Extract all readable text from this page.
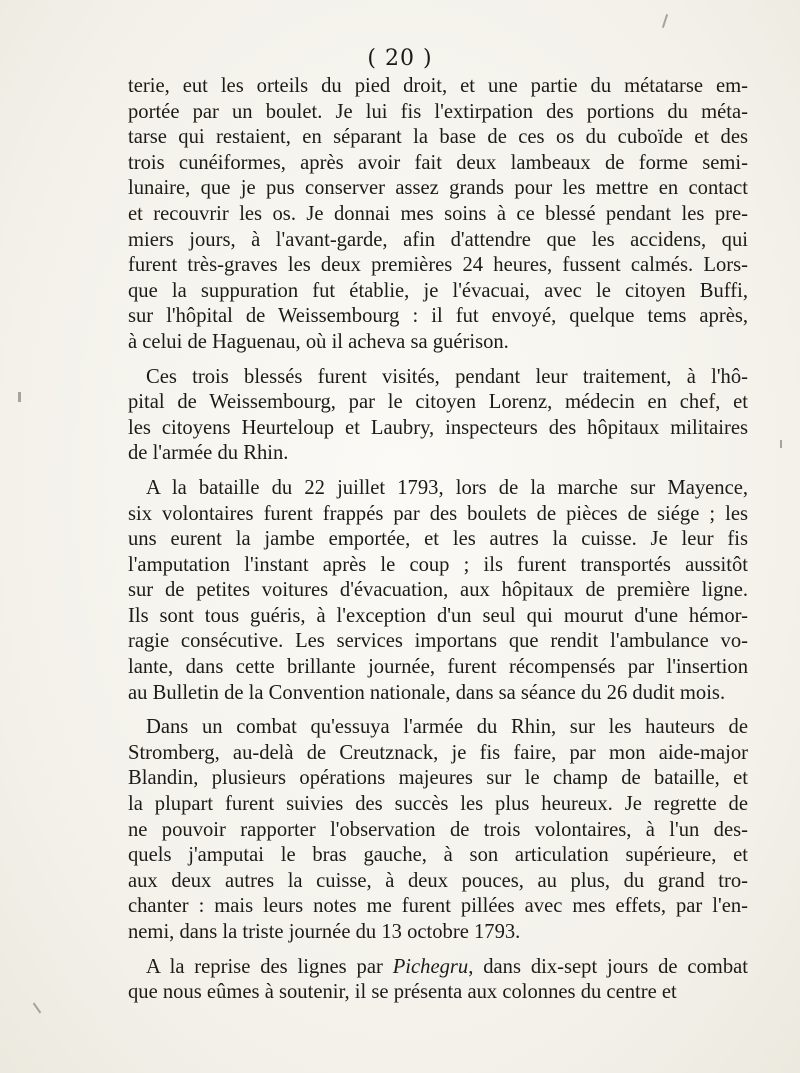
( 20 )
terie, eut les orteils du pied droit, et une partie du métatarse em-
portée par un boulet. Je lui fis l'extirpation des portions du méta-
tarse qui restaient, en séparant la base de ces os du cuboïde et des
trois cunéiformes, après avoir fait deux lambeaux de forme semi-
lunaire, que je pus conserver assez grands pour les mettre en contact
et recouvrir les os. Je donnai mes soins à ce blessé pendant les pre-
miers jours, à l'avant-garde, afin d'attendre que les accidens, qui
furent très-graves les deux premières 24 heures, fussent calmés. Lors-
que la suppuration fut établie, je l'évacuai, avec le citoyen Buffi,
sur l'hôpital de Weissembourg : il fut envoyé, quelque tems après,
à celui de Haguenau, où il acheva sa guérison.
Ces trois blessés furent visités, pendant leur traitement, à l'hô-
pital de Weissembourg, par le citoyen Lorenz, médecin en chef, et
les citoyens Heurteloup et Laubry, inspecteurs des hôpitaux militaires
de l'armée du Rhin.
A la bataille du 22 juillet 1793, lors de la marche sur Mayence,
six volontaires furent frappés par des boulets de pièces de siége ; les
uns eurent la jambe emportée, et les autres la cuisse. Je leur fis
l'amputation l'instant après le coup ; ils furent transportés aussitôt
sur de petites voitures d'évacuation, aux hôpitaux de première ligne.
Ils sont tous guéris, à l'exception d'un seul qui mourut d'une hémor-
ragie consécutive. Les services importans que rendit l'ambulance vo-
lante, dans cette brillante journée, furent récompensés par l'insertion
au Bulletin de la Convention nationale, dans sa séance du 26 dudit mois.
Dans un combat qu'essuya l'armée du Rhin, sur les hauteurs de
Stromberg, au-delà de Creutznack, je fis faire, par mon aide-major
Blandin, plusieurs opérations majeures sur le champ de bataille, et
la plupart furent suivies des succès les plus heureux. Je regrette de
ne pouvoir rapporter l'observation de trois volontaires, à l'un des-
quels j'amputai le bras gauche, à son articulation supérieure, et
aux deux autres la cuisse, à deux pouces, au plus, du grand tro-
chanter : mais leurs notes me furent pillées avec mes effets, par l'en-
nemi, dans la triste journée du 13 octobre 1793.
A la reprise des lignes par Pichegru, dans dix-sept jours de combat
que nous eûmes à soutenir, il se présenta aux colonnes du centre et
